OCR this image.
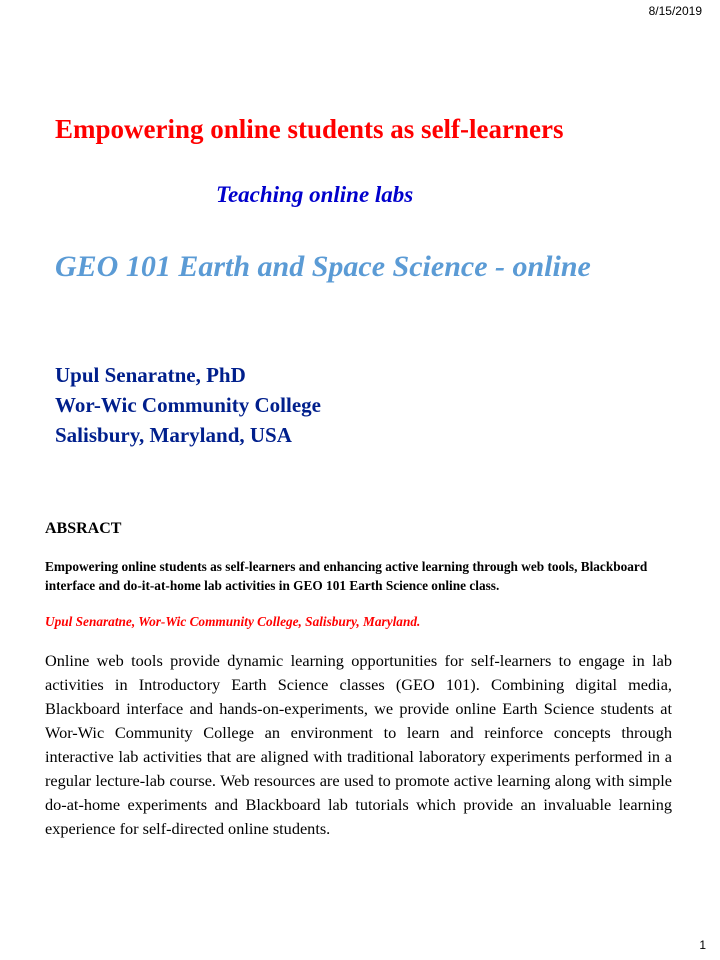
8/15/2019
Empowering online students as self-learners
Teaching online labs
GEO 101 Earth and Space Science - online
Upul Senaratne, PhD
Wor-Wic Community College
Salisbury, Maryland, USA
ABSRACT

Empowering online students as self-learners and enhancing active learning through web tools, Blackboard interface and do-it-at-home lab activities in GEO 101 Earth Science online class.

Upul Senaratne, Wor-Wic Community College, Salisbury, Maryland.

Online web tools provide dynamic learning opportunities for self-learners to engage in lab activities in Introductory Earth Science classes (GEO 101). Combining digital media, Blackboard interface and hands-on-experiments, we provide online Earth Science students at Wor-Wic Community College an environment to learn and reinforce concepts through interactive lab activities that are aligned with traditional laboratory experiments performed in a regular lecture-lab course. Web resources are used to promote active learning along with simple do-at-home experiments and Blackboard lab tutorials which provide an invaluable learning experience for self-directed online students.

1
